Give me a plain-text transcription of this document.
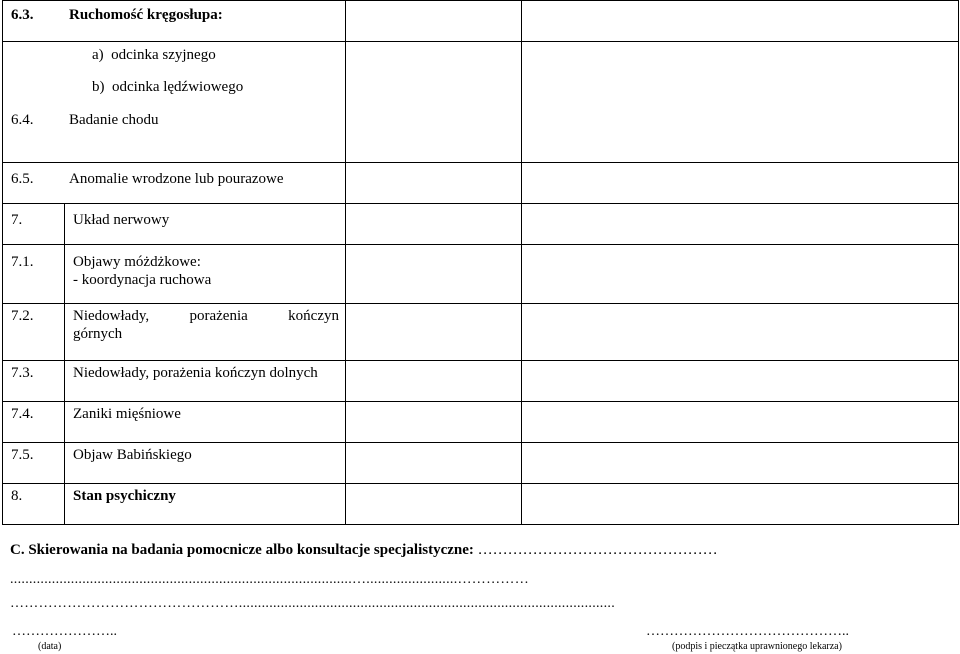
6.3. Ruchomość kręgosłupa:			

a)  odcinka szyjnego
b)  odcinka lędźwiowego
6.4. Badanie chodu			

6.5. Anomalie wrodzone lub pourazowe			

7.	Układ nerwowy		

7.1.	Objawy móżdżkowe:
- koordynacja ruchowa		

7.2.	Niedowłady, porażenia kończyn
górnych		

7.3.	Niedowłady, porażenia kończyn dolnych		

7.4.	Zaniki mięśniowe		

7.5.	Objaw Babińskiego		

8.	Stan psychiczny		

C. Skierowania na badania pomocnicze albo konsultacje specjalistyczne: …………………………………………
..........................................................................................…........................……………
…………………………………………...................................................................................................
…………………..
(data)
……………………………………..
(podpis i pieczątka uprawnionego lekarza)
